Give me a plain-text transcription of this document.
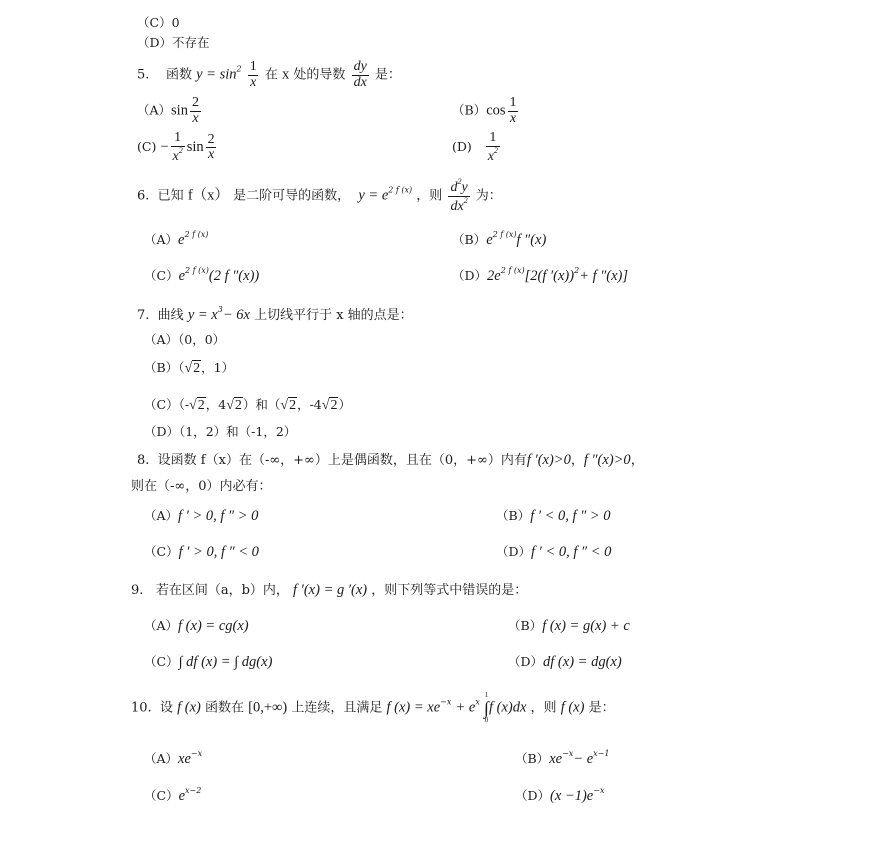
（C）0
（D）不存在
5. 函数 $y = \sin^2 \frac{1}{x}$ 在 x 处的导数 $\frac{dy}{dx}$ 是：
$(A)\sin \frac{2}{x}$	$(B)\cos \frac{1}{x}$
$(C) - \frac{1}{x^2}$ $\sin \frac{2}{x}$	$(D) \frac{1}{x^2}$
6. 已知 f（x） 是二阶可导的函数， $y = e^{2 f (x)}$ ，则 $\frac{d^2y}{dx^2}$ 为：
$(A)e^{2 f (x)}$	$(B)e^{2 f (x)}f$ ″(x)
$(C)e^{2 f (x)}(2$ f ″(x))	$(D)2e^{2 f (x)}[2(f$ ′(x))$^2$+ f ″(x)]
7. 曲线 $y = x^3- 6x$ 上切线平行于 x 轴的点是：
（A）（0，0）
（B）（√2，1）
（C）（-√2，4√2）和（√2，-4√2）
（D）（1，2）和（-1，2）
8. 设函数 f（x）在（-∞，+∞）上是偶函数，且在（0，+∞）内有f ′(x)>0，f ″(x)>0，
则在（-∞，0）内必有：
（A）f ′ > 0, f ″ > 0	（B）f ′ < 0, f ″ > 0
（C）f ′ > 0, f ″ < 0	（D）f ′ < 0, f ″ < 0
9. 若在区间（a，b）内， f ′(x) = g ′(x) ，则下列等式中错误的是：
（A）f (x) = cg(x)	（B）f (x) = g(x) + c
（C）∫ df (x) = ∫ dg(x)	（D）df (x) = dg(x)
10. 设 f (x) 函数在 [0,+∞) 上连续，且满足 f $(x) = xe^{-x} + e^x$
1
∫
0
f (x)dx ，则 f (x) 是：
$(A)xe^{-x}$	$(B)xe^{-x}- e^{x-1}$
$(C)e^{x-2}$	$(D)(x -1)e^{-x}$
